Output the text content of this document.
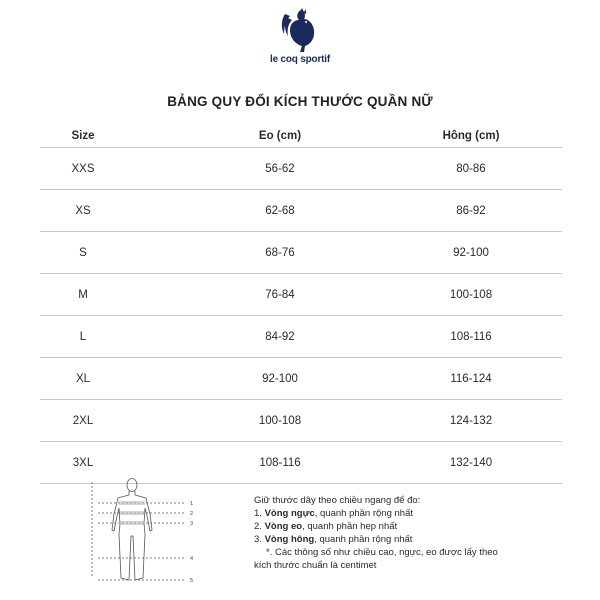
le coq sportif
BẢNG QUY ĐỔI KÍCH THƯỚC QUẦN NỮ
Size	Eo (cm)	Hông (cm)
XXS	56-62	80-86
XS	62-68	86-92
S	68-76	92-100
M	76-84	100-108
L	84-92	108-116
XL	92-100	116-124
2XL	100-108	124-132
3XL	108-116	132-140
1
2
3
4
5
Giữ thước dây theo chiều ngang để đo:
1. Vòng ngực, quanh phần rộng nhất
2. Vòng eo, quanh phần hẹp nhất
3. Vòng hông, quanh phần rộng nhất
*. Các thông số như chiều cao, ngực, eo được lấy theo
kích thước chuẩn là centimet
